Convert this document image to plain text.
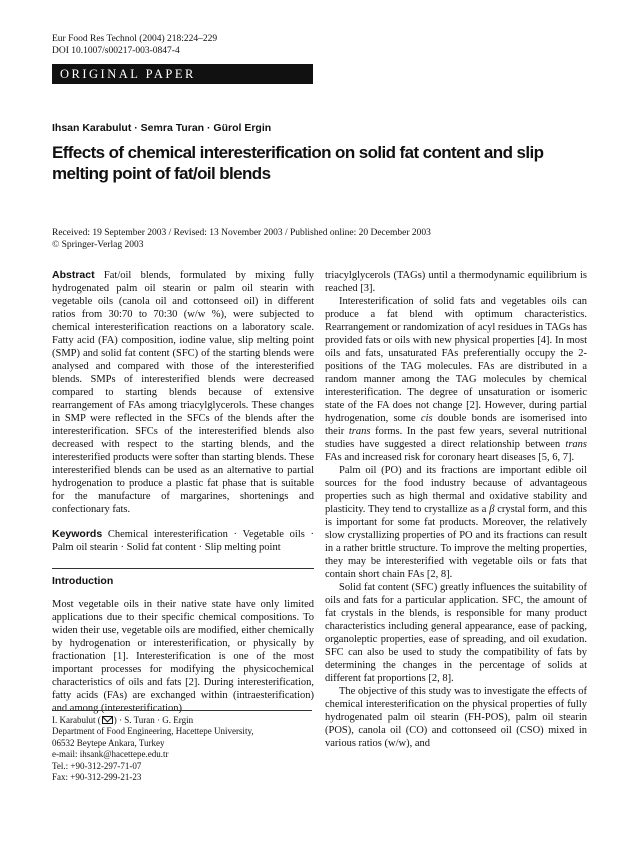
Eur Food Res Technol (2004) 218:224–229
DOI 10.1007/s00217-003-0847-4
ORIGINAL PAPER
Ihsan Karabulut · Semra Turan · Gürol Ergin
Effects of chemical interesterification on solid fat content and slip melting point of fat/oil blends
Received: 19 September 2003 / Revised: 13 November 2003 / Published online: 20 December 2003
© Springer-Verlag 2003

Abstract Fat/oil blends, formulated by mixing fully hydrogenated palm oil stearin or palm oil stearin with vegetable oils (canola oil and cottonseed oil) in different ratios from 30:70 to 70:30 (w/w %), were subjected to chemical interesterification reactions on a laboratory scale. Fatty acid (FA) composition, iodine value, slip melting point (SMP) and solid fat content (SFC) of the starting blends were analysed and compared with those of the interesterified blends. SMPs of interesterified blends were decreased compared to starting blends because of extensive rearrangement of FAs among triacylglycerols. These changes in SMP were reflected in the SFCs of the blends after the interesterification. SFCs of the interesterified blends also decreased with respect to the starting blends, and the interesterified products were softer than starting blends. These interesterified blends can be used as an alternative to partial hydrogenation to produce a plastic fat phase that is suitable for the manufacture of margarines, shortenings and confectionary fats.

Keywords Chemical interesterification · Vegetable oils · Palm oil stearin · Solid fat content · Slip melting point

Introduction

Most vegetable oils in their native state have only limited applications due to their specific chemical compositions. To widen their use, vegetable oils are modified, either chemically by hydrogenation or interesterification, or physically by fractionation [1]. Interesterification is one of the most important processes for modifying the physicochemical characteristics of oils and fats [2]. During interesterification, fatty acids (FAs) are exchanged within (intraesterification) and among (interesterification)

I. Karabulut ( ) · S. Turan · G. Ergin
Department of Food Engineering, Hacettepe University,
06532 Beytepe Ankara, Turkey
e-mail: ihsank@hacettepe.edu.tr
Tel.: +90-312-297-71-07
Fax: +90-312-299-21-23

triacylglycerols (TAGs) until a thermodynamic equilibrium is reached [3].

Interesterification of solid fats and vegetables oils can produce a fat blend with optimum characteristics. Rearrangement or randomization of acyl residues in TAGs has provided fats or oils with new physical properties [4]. In most oils and fats, unsaturated FAs preferentially occupy the 2-positions of the TAG molecules. FAs are distributed in a random manner among the TAG molecules by chemical interesterification. The degree of unsaturation or isomeric state of the FA does not change [2]. However, during partial hydrogenation, some cis double bonds are isomerised into their trans forms. In the past few years, several nutritional studies have suggested a direct relationship between trans FAs and increased risk for coronary heart diseases [5, 6, 7].

Palm oil (PO) and its fractions are important edible oil sources for the food industry because of advantageous properties such as high thermal and oxidative stability and plasticity. They tend to crystallize as a β crystal form, and this is important for some fat products. Moreover, the relatively slow crystallizing properties of PO and its fractions can result in a rather brittle structure. To improve the melting properties, they may be interesterified with vegetable oils or fats that contain short chain FAs [2, 8].

Solid fat content (SFC) greatly influences the suitability of oils and fats for a particular application. SFC, the amount of fat crystals in the blends, is responsible for many product characteristics including general appearance, ease of packing, organoleptic properties, ease of spreading, and oil exudation. SFC can also be used to study the compatibility of fats by determining the changes in the percentage of solids at different fat proportions [2, 8].

The objective of this study was to investigate the effects of chemical interesterification on the physical properties of fully hydrogenated palm oil stearin (FH-POS), palm oil stearin (POS), canola oil (CO) and cottonseed oil (CSO) mixed in various ratios (w/w), and
